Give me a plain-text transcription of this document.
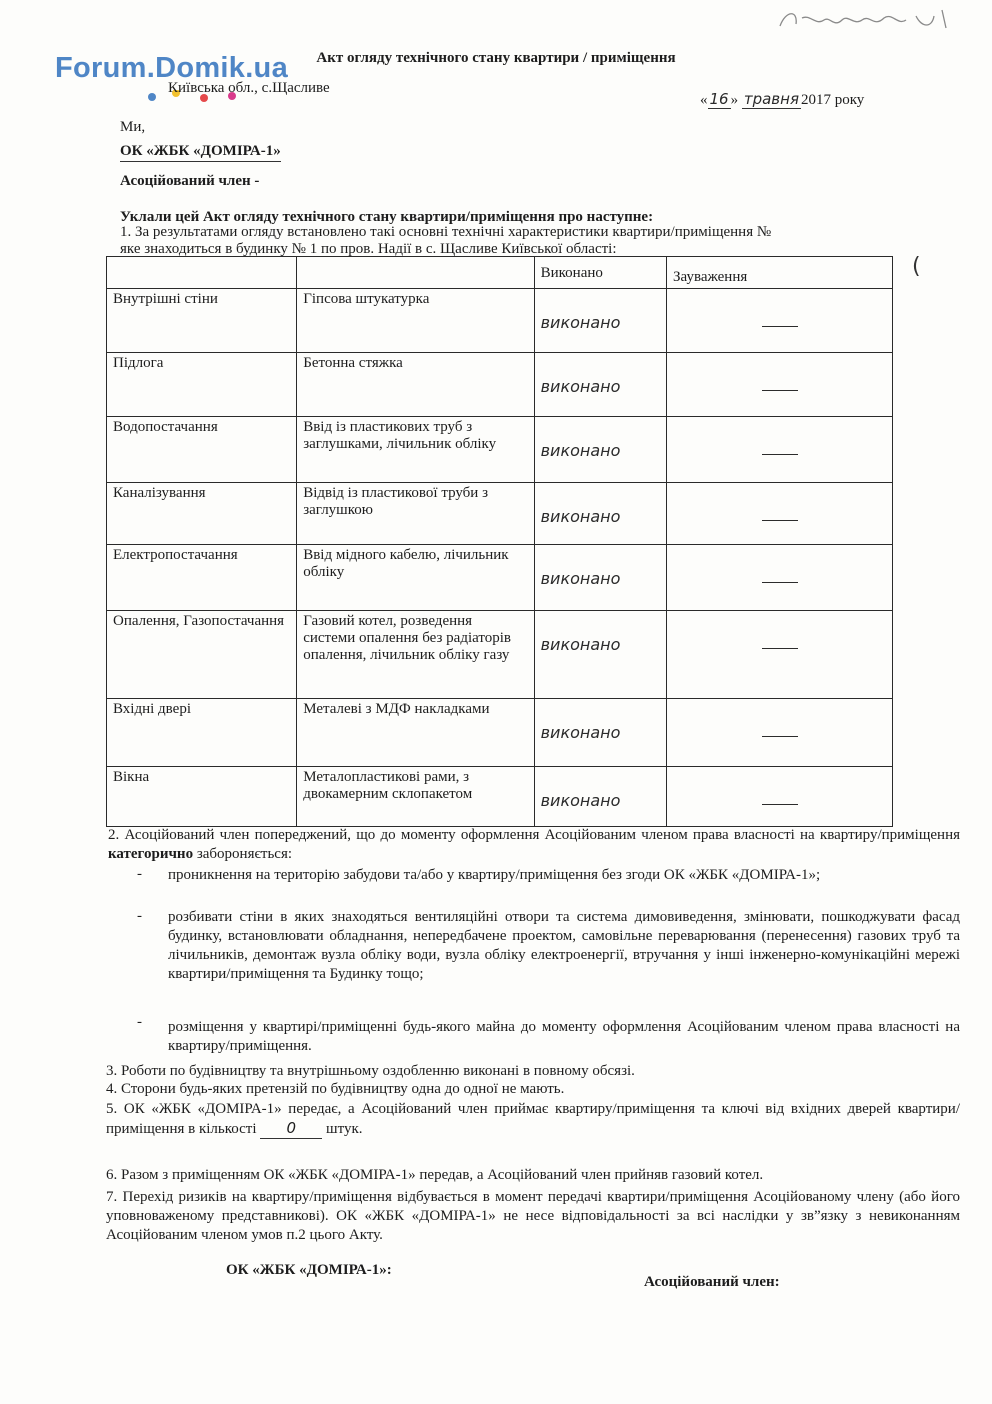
Forum.Domik.ua	Акт огляду технічного стану квартири / приміщення
Київська обл., с.Щасливе
« 16 » травня 2017 року
Ми,
ОК «ЖБК «ДОМІРА-1»
Асоційований член -
Уклали цей Акт огляду технічного стану квартири/приміщення про наступне:
1. За результатами огляду встановлено такі основні технічні характеристики квартири/приміщення №
яке знаходиться в будинку № 1 по пров. Надії в с. Щасливе Київської області:
(
		Виконано	Зауваження
Внутрішні стіни	Гіпсова штукатурка	виконано	
Підлога	Бетонна стяжка	виконано	
Водопостачання	Ввід із пластикових труб з заглушками, лічильник обліку	виконано	
Каналізування	Відвід із пластикової труби з заглушкою	виконано	
Електропостачання	Ввід мідного кабелю, лічильник обліку	виконано	
Опалення, Газопостачання	Газовий котел, розведення системи опалення без радіаторів опалення, лічильник обліку газу	виконано	
Вхідні двері	Металеві з МДФ накладками	виконано	
Вікна	Металопластикові рами, з двокамерним склопакетом	виконано	
2. Асоційований член попереджений, що до моменту оформлення Асоційованим членом права власності на квартиру/приміщення категорично забороняється:
- проникнення на територію забудови та/або у квартиру/приміщення без згоди ОК «ЖБК «ДОМІРА-1»;
- розбивати стіни в яких знаходяться вентиляційні отвори та система димовиведення, змінювати, пошкоджувати фасад будинку, встановлювати обладнання, непередбачене проектом, самовільне переварювання (перенесення) газових труб та лічильників, демонтаж вузла обліку води, вузла обліку електроенергії, втручання у інші інженерно-комунікаційні мережі квартири/приміщення та Будинку тощо;
- розміщення у квартирі/приміщенні будь-якого майна до моменту оформлення Асоційованим членом права власності на квартиру/приміщення.
3. Роботи по будівництву та внутрішньому оздобленню виконані в повному обсязі.
4. Сторони будь-яких претензій по будівництву одна до одної не мають.
5. ОК «ЖБК «ДОМІРА-1» передає, а Асоційований член приймає квартиру/приміщення та ключі від вхідних дверей квартири/приміщення в кількості 0 штук.
6. Разом з приміщенням ОК «ЖБК «ДОМІРА-1» передав, а Асоційований член прийняв газовий котел.
7. Перехід ризиків на квартиру/приміщення відбувається в момент передачі квартири/приміщення Асоційованому члену (або його уповноваженому представникові). ОК «ЖБК «ДОМІРА-1» не несе відповідальності за всі наслідки у зв”язку з невиконанням Асоційованим членом умов п.2 цього Акту.
ОК «ЖБК «ДОМІРА-1»:
Асоційований член:
